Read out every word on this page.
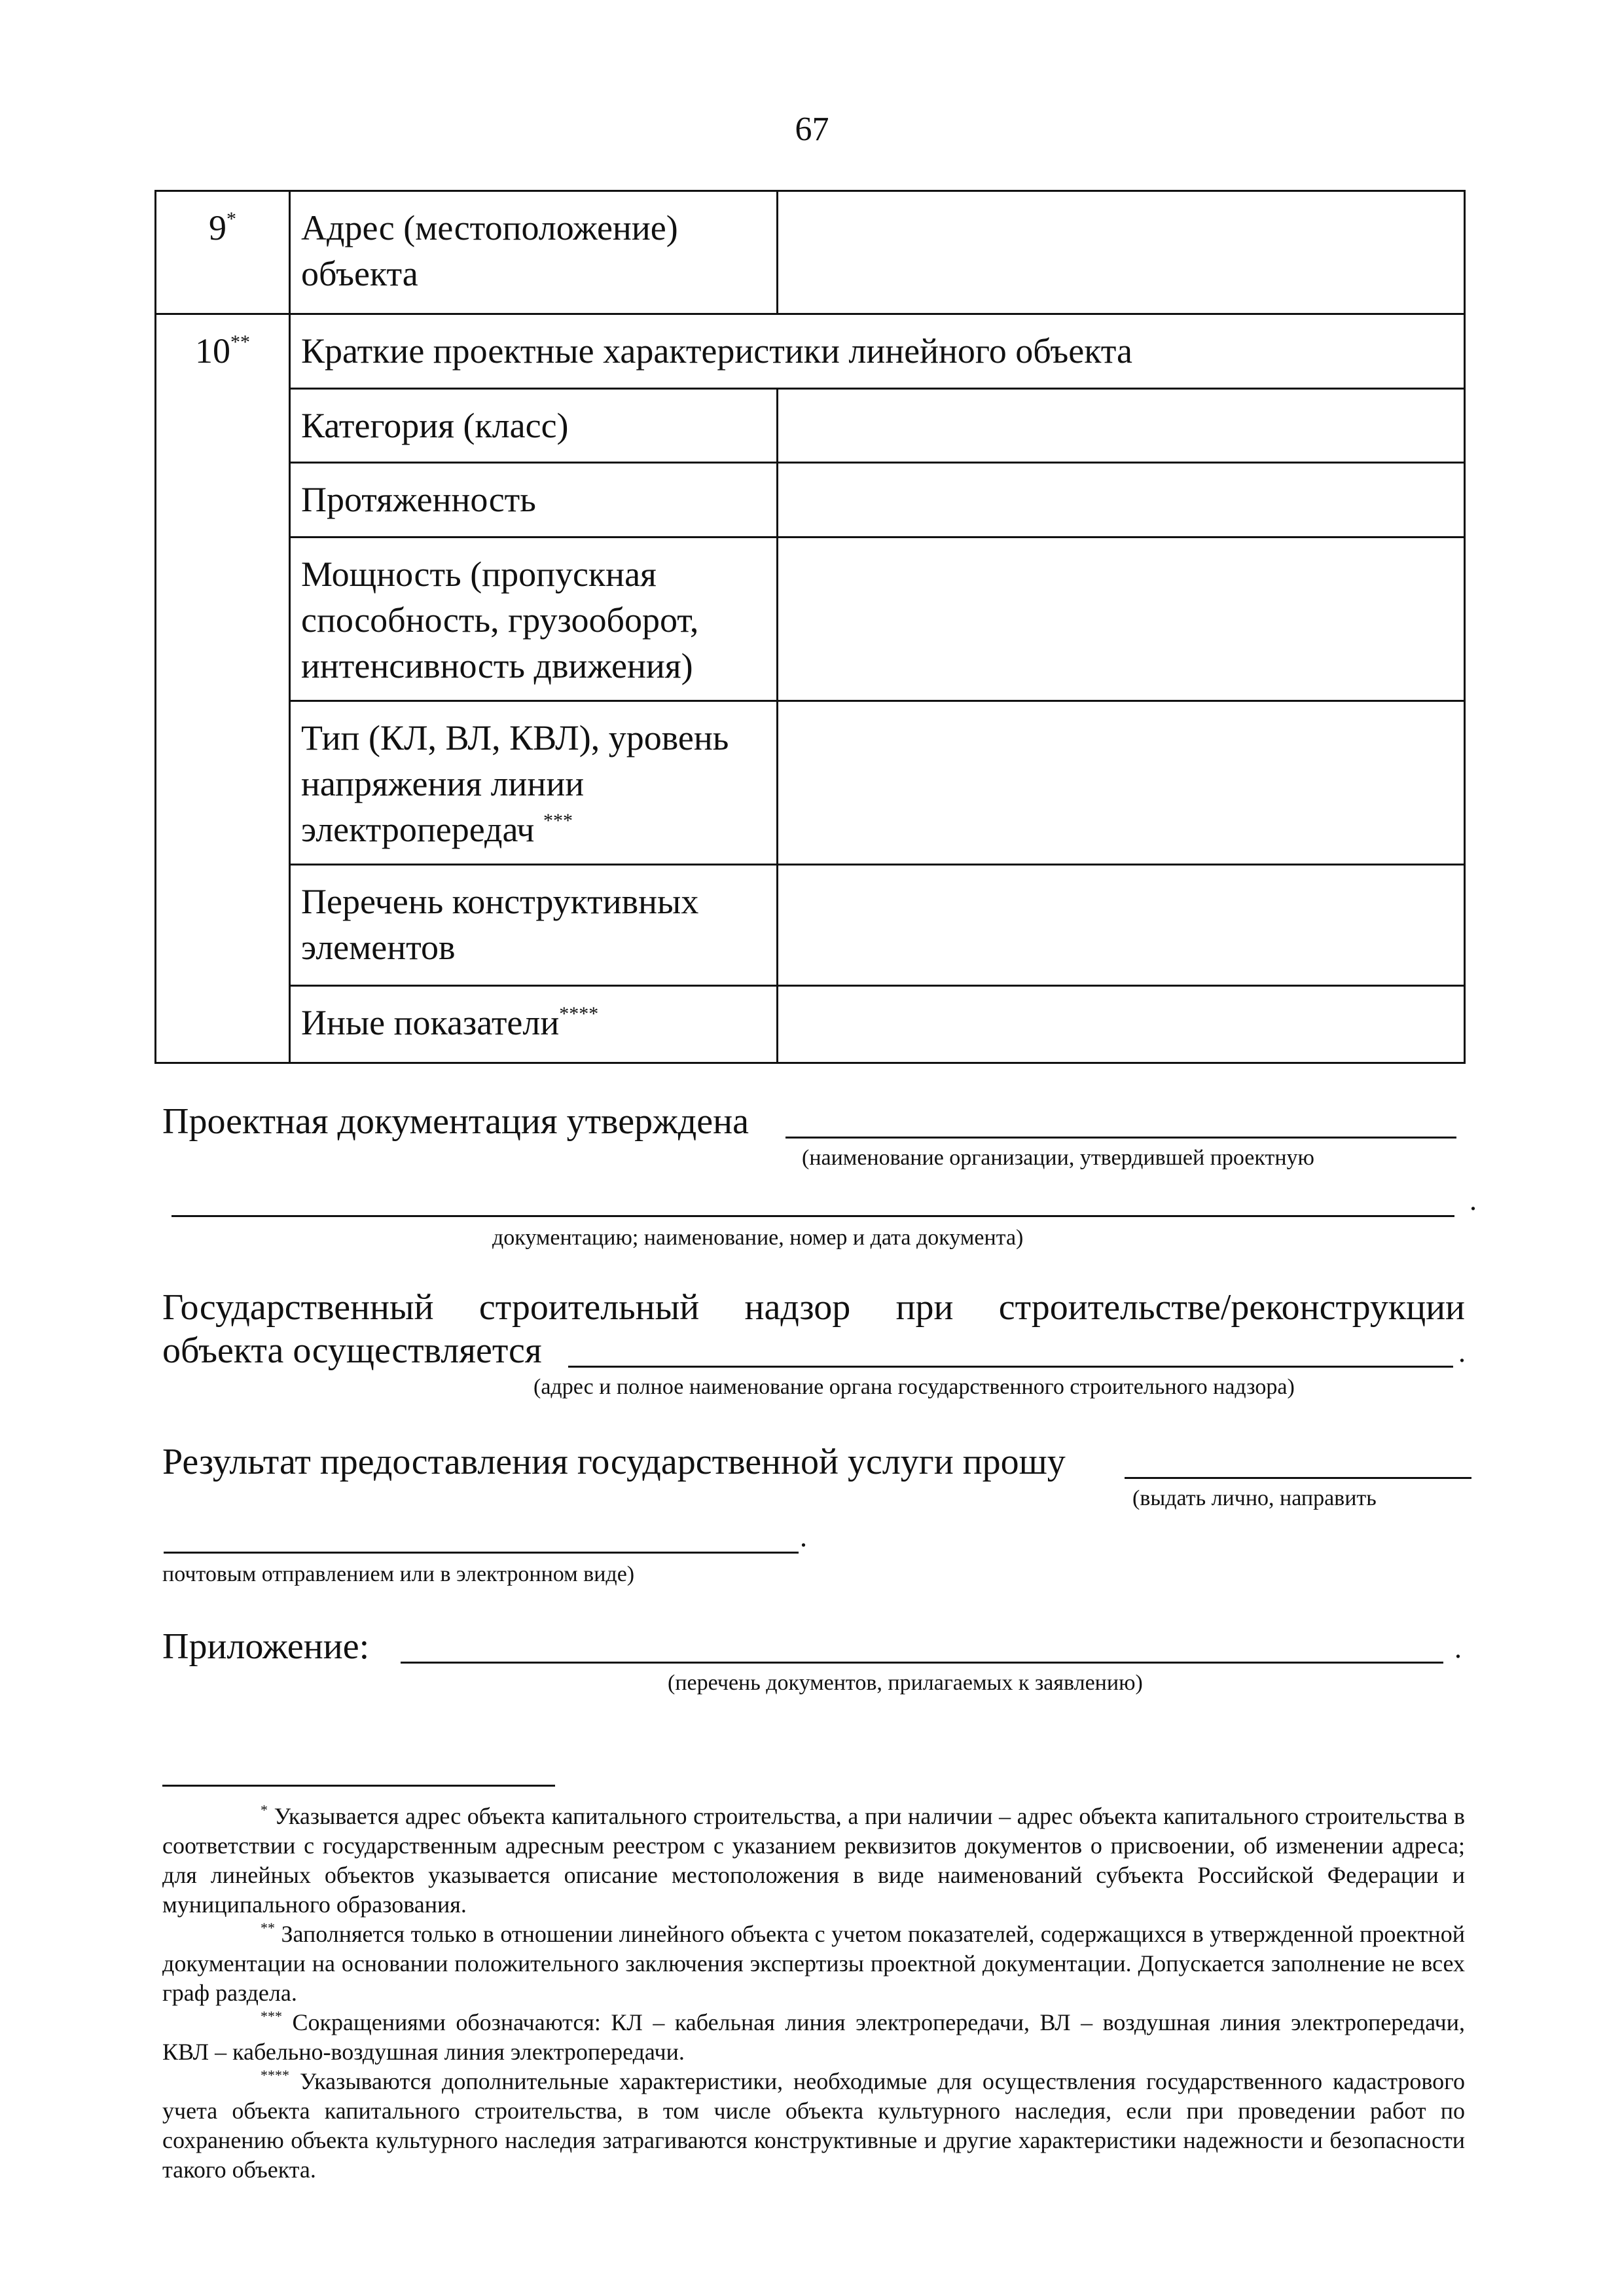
67
9*	Адрес (местоположение)
объекта	

10**	Краткие проектные характеристики линейного объекта	

	Категория (класс)	

	Протяженность	

	Мощность (пропускная
способность, грузооборот,
интенсивность движения)	

	Тип (КЛ, ВЛ, КВЛ), уровень
напряжения линии
электропередач ***

	Перечень конструктивных
элементов	

	Иные показатели****	
Проектная документация утверждена
(наименование организации, утвердившей проектную
.
документацию; наименование, номер и дата документа)
Государственный строительный надзор при строительстве/реконструкции
объекта осуществляется	.
(адрес и полное наименование органа государственного строительного надзора)
Результат предоставления государственной услуги прошу
(выдать лично, направить
.
почтовым отправлением или в электронном виде)
Приложение:	.
(перечень документов, прилагаемых к заявлению)

* Указывается адрес объекта капитального строительства, а при наличии – адрес объекта капитального строительства в соответствии с государственным адресным реестром с указанием реквизитов документов о присвоении, об изменении адреса; для линейных объектов указывается описание местоположения в виде наименований субъекта Российской Федерации и муниципального образования.

** Заполняется только в отношении линейного объекта с учетом показателей, содержащихся в утвержденной проектной документации на основании положительного заключения экспертизы проектной документации. Допускается заполнение не всех граф раздела.

*** Сокращениями обозначаются: КЛ – кабельная линия электропередачи, ВЛ – воздушная линия электропередачи, КВЛ – кабельно-воздушная линия электропередачи.

**** Указываются дополнительные характеристики, необходимые для осуществления государственного кадастрового учета объекта капитального строительства, в том числе объекта культурного наследия, если при проведении работ по сохранению объекта культурного наследия затрагиваются конструктивные и другие характеристики надежности и безопасности такого объекта.
